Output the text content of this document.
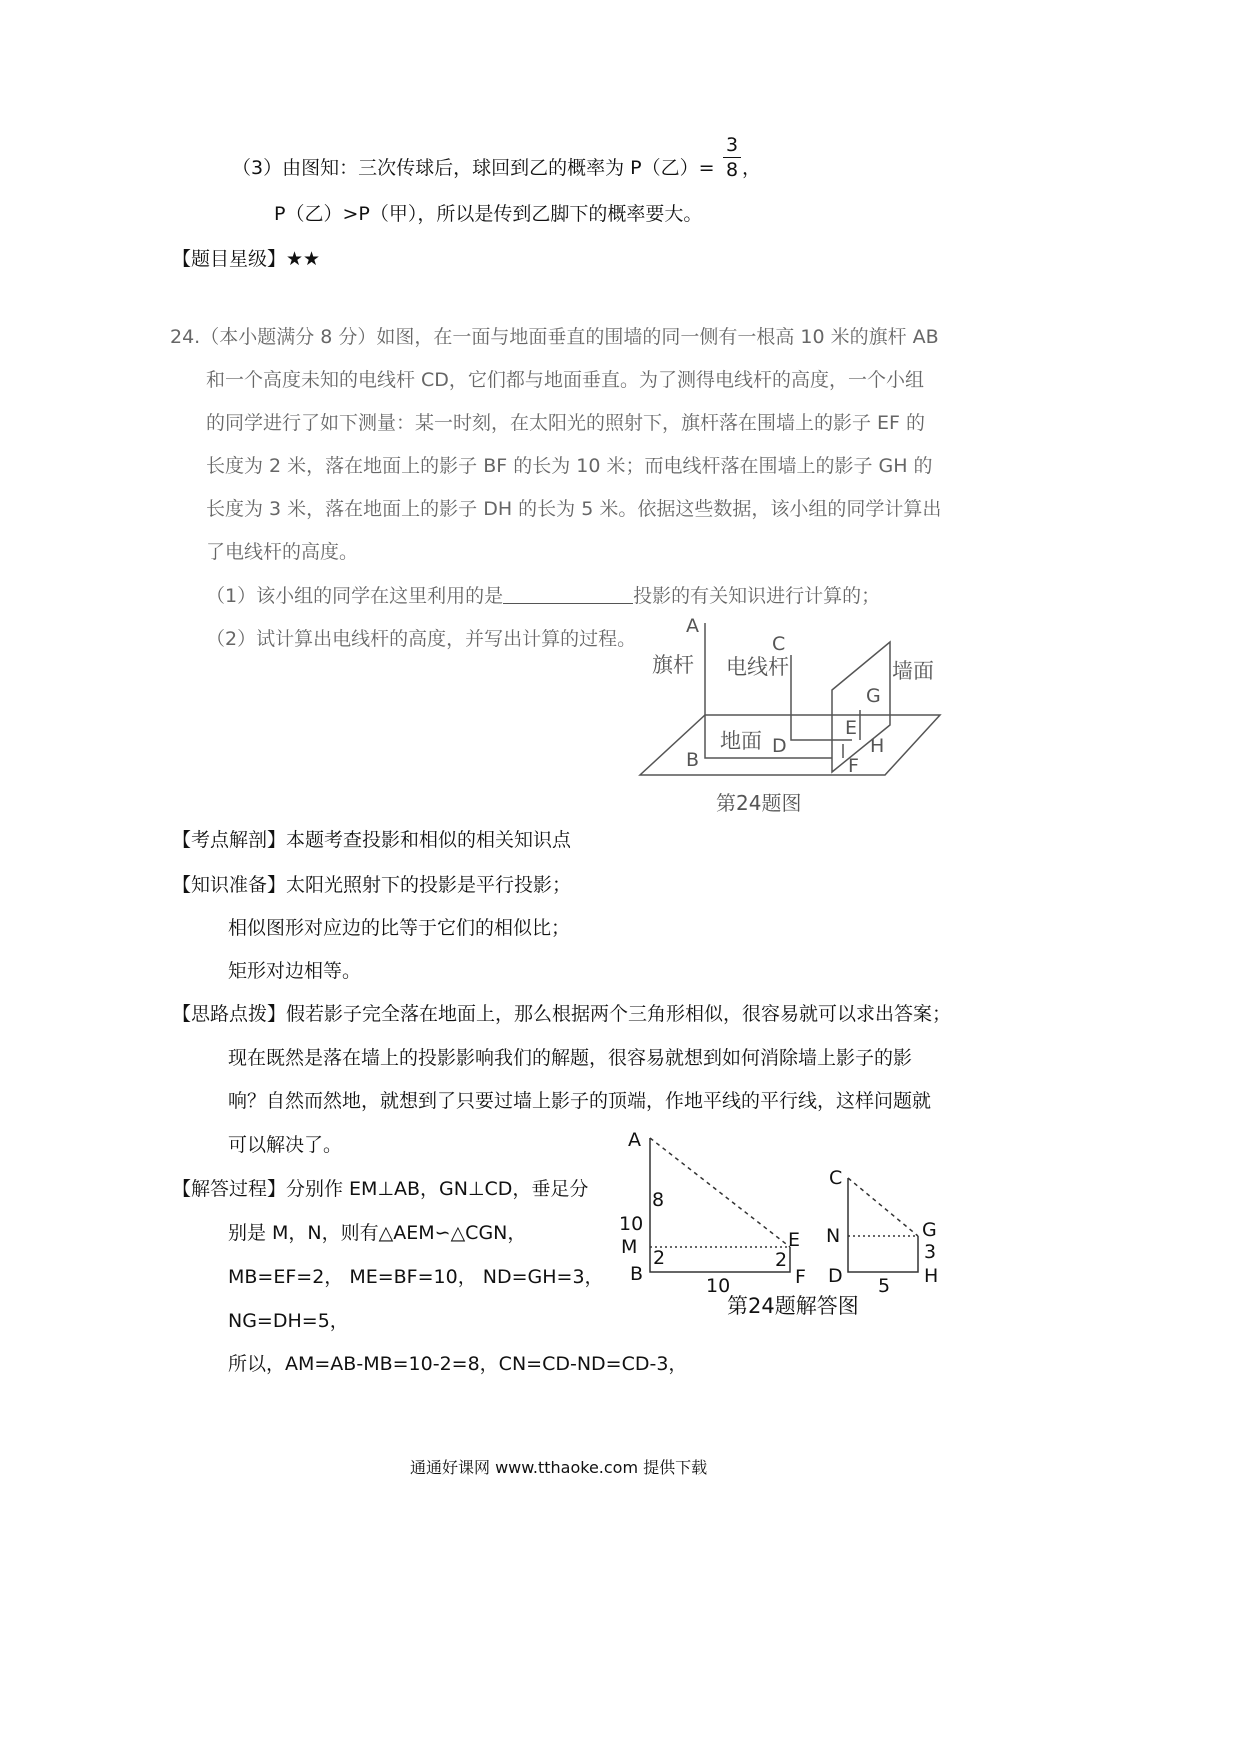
（3）由图知：三次传球后，球回到乙的概率为 P（乙）=
3
8 ，
P（乙）>P（甲），所以是传到乙脚下的概率要大。
【题目星级】★★
24.（本小题满分 8 分）如图，在一面与地面垂直的围墙的同一侧有一根高 10 米的旗杆 AB
和一个高度未知的电线杆 CD，它们都与地面垂直。为了测得电线杆的高度，一个小组
的同学进行了如下测量：某一时刻，在太阳光的照射下，旗杆落在围墙上的影子 EF 的
长度为 2 米，落在地面上的影子 BF 的长为 10 米；而电线杆落在围墙上的影子 GH 的
长度为 3 米，落在地面上的影子 DH 的长为 5 米。依据这些数据，该小组的同学计算出
了电线杆的高度。
（1）该小组的同学在这里利用的是	投影的有关知识进行计算的；
（2）试计算出电线杆的高度，并写出计算的过程。
A
B
C
D
E
F
G
H
旗杆 电线杆	墙面
地面
第24题图
【考点解剖】本题考查投影和相似的相关知识点
【知识准备】太阳光照射下的投影是平行投影；
相似图形对应边的比等于它们的相似比；
矩形对边相等。
【思路点拨】假若影子完全落在地面上，那么根据两个三角形相似，很容易就可以求出答案；
现在既然是落在墙上的投影影响我们的解题，很容易就想到如何消除墙上影子的影
响？自然而然地，就想到了只要过墙上影子的顶端，作地平线的平行线，这样问题就
可以解决了。
【解答过程】分别作 EM⊥AB，GN⊥CD，垂足分
别是 M，N，则有△AEM∽△CGN，
MB=EF=2， ME=BF=10， ND=GH=3，
NG=DH=5，
所以，AM=AB-MB=10-2=8，CN=CD-ND=CD-3，
A
M
B
E
F
C
N
D
G
H
8
10
2	2
10
3
5
第24题解答图
通通好课网 www.tthaoke.com 提供下载
